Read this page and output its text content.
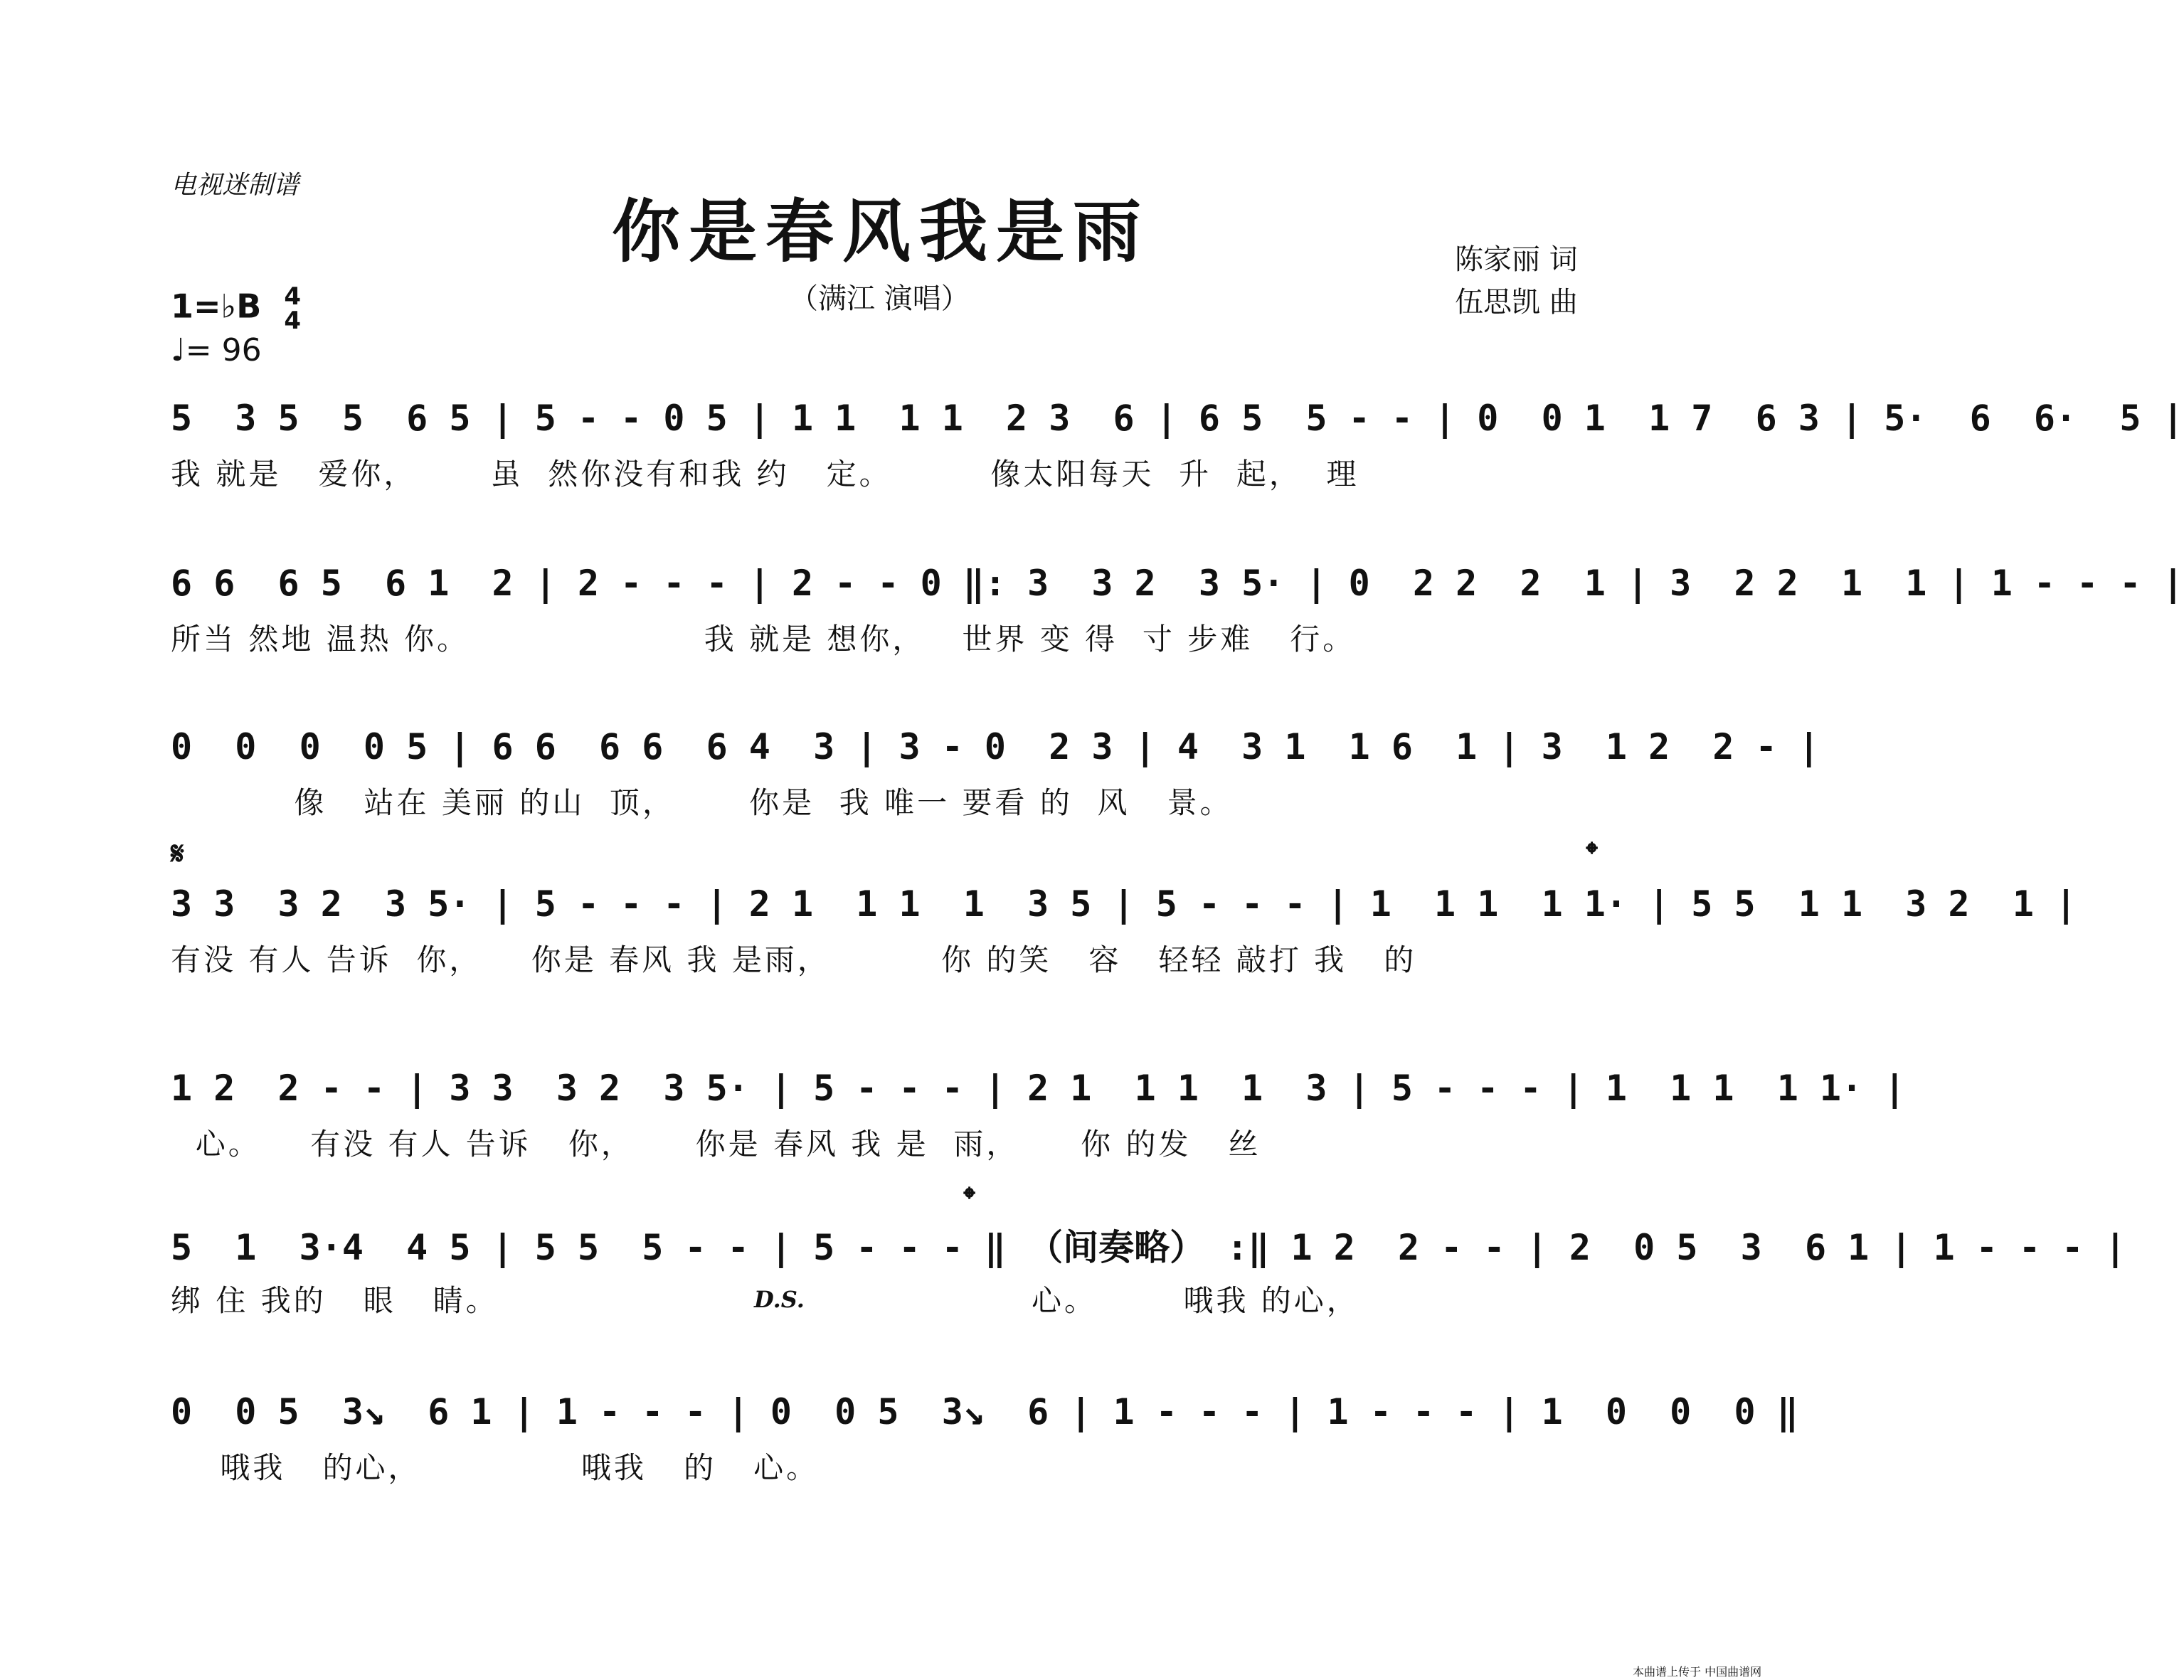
电视迷制谱
你是春风我是雨
（满江 演唱）
陈家丽 词
伍思凯 曲
1=♭B 4
4
♩= 96
5  3 5  5  6 5 | 5 - - 0 5 | 1 1  1 1  2 3  6 | 6 5  5 - - | 0  0 1  1 7  6 3 | 5·  6  6·  5 |
我 就是   爱你，      虽  然你没有和我 约   定。        像太阳每天  升  起，  理
6 6  6 5  6 1  2 | 2 - - - | 2 - - 0 ‖: 3  3 2  3 5· | 0  2 2  2  1 | 3  2 2  1  1 | 1 - - - |
所当 然地 温热 你。                   我 就是 想你，   世界 变 得  寸 步难   行。
0  0  0  0 5 | 6 6  6 6  6 4  3 | 3 - 0  2 3 | 4  3 1  1 6  1 | 3  1 2  2 - |
像   站在 美丽 的山  顶，      你是  我 唯一 要看 的  风   景。
𝄋	𝄌
3 3  3 2  3 5· | 5 - - - | 2 1  1 1  1  3 5 | 5 - - - | 1  1 1  1 1· | 5 5  1 1  3 2  1 |
有没 有人 告诉  你，    你是 春风 我 是雨，         你 的笑   容   轻轻 敲打 我   的
1 2  2 - - | 3 3  3 2  3 5· | 5 - - - | 2 1  1 1  1  3 | 5 - - - | 1  1 1  1 1· |
心。    有没 有人 告诉   你，     你是 春风 我 是  雨，     你 的发   丝
𝄌
5  1  3·4  4 5 | 5 5  5 - - | 5 - - - ‖ （间奏略） :‖ 1 2  2 - - | 2  0 5  3  6 1 | 1 - - - |
绑 住 我的   眼   睛。	D.S.	心。       哦我 的心，
0  0 5  3↘  6 1 | 1 - - - | 0  0 5  3↘  6 | 1 - - - | 1 - - - | 1  0  0  0 ‖
哦我   的心，             哦我   的   心。
本曲谱上传于 中国曲谱网
